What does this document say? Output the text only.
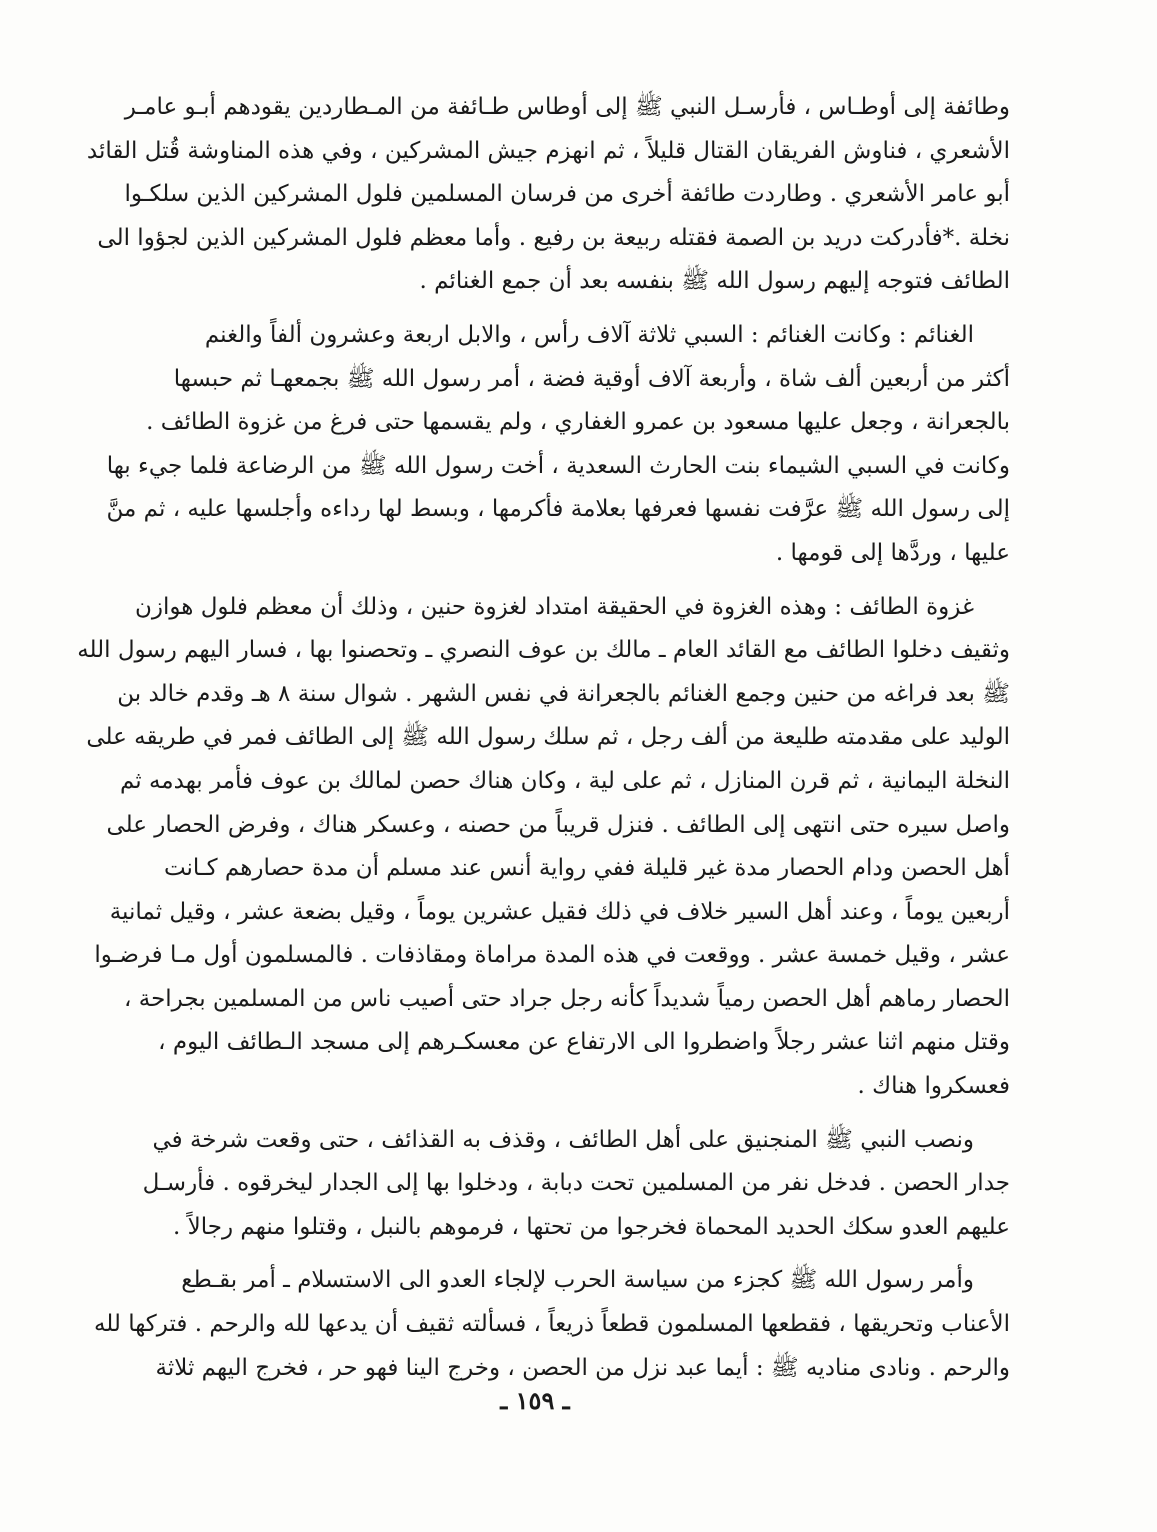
وطائفة إلى أوطـاس ، فأرسـل النبي ﷺ إلى أوطاس طـائفة من المـطاردين يقودهم أبـو عامـر
الأشعري ، فناوش الفريقان القتال قليلاً ، ثم انهزم جيش المشركين ، وفي هذه المناوشة قُتل القائد
أبو عامر الأشعري . وطاردت طائفة أخرى من فرسان المسلمين فلول المشركين الذين سلكـوا
نخلة .*فأدركت دريد بن الصمة فقتله ربيعة بن رفيع . وأما معظم فلول المشركين الذين لجؤوا الى
الطائف فتوجه إليهم رسول الله ﷺ بنفسه بعد أن جمع الغنائم .

الغنائم : وكانت الغنائم : السبي ثلاثة آلاف رأس ، والابل اربعة وعشرون ألفاً والغنم
أكثر من أربعين ألف شاة ، وأربعة آلاف أوقية فضة ، أمر رسول الله ﷺ بجمعهـا ثم حبسها
بالجعرانة ، وجعل عليها مسعود بن عمرو الغفاري ، ولم يقسمها حتى فرغ من غزوة الطائف .
وكانت في السبي الشيماء بنت الحارث السعدية ، أخت رسول الله ﷺ من الرضاعة فلما جيء بها
إلى رسول الله ﷺ عرَّفت نفسها فعرفها بعلامة فأكرمها ، وبسط لها رداءه وأجلسها عليه ، ثم منَّ
عليها ، وردَّها إلى قومها .

غزوة الطائف : وهذه الغزوة في الحقيقة امتداد لغزوة حنين ، وذلك أن معظم فلول هوازن
وثقيف دخلوا الطائف مع القائد العام ـ مالك بن عوف النصري ـ وتحصنوا بها ، فسار اليهم رسول الله
ﷺ بعد فراغه من حنين وجمع الغنائم بالجعرانة في نفس الشهر . شوال سنة ٨ هـ وقدم خالد بن
الوليد على مقدمته طليعة من ألف رجل ، ثم سلك رسول الله ﷺ إلى الطائف فمر في طريقه على
النخلة اليمانية ، ثم قرن المنازل ، ثم على لية ، وكان هناك حصن لمالك بن عوف فأمر بهدمه ثم
واصل سيره حتى انتهى إلى الطائف . فنزل قريباً من حصنه ، وعسكر هناك ، وفرض الحصار على
أهل الحصن ودام الحصار مدة غير قليلة ففي رواية أنس عند مسلم أن مدة حصارهم كـانت
أربعين يوماً ، وعند أهل السير خلاف في ذلك فقيل عشرين يوماً ، وقيل بضعة عشر ، وقيل ثمانية
عشر ، وقيل خمسة عشر . ووقعت في هذه المدة مراماة ومقاذفات . فالمسلمون أول مـا فرضـوا
الحصار رماهم أهل الحصن رمياً شديداً كأنه رجل جراد حتى أصيب ناس من المسلمين بجراحة ،
وقتل منهم اثنا عشر رجلاً واضطروا الى الارتفاع عن معسكـرهم إلى مسجد الـطائف اليوم ،
فعسكروا هناك .

ونصب النبي ﷺ المنجنيق على أهل الطائف ، وقذف به القذائف ، حتى وقعت شرخة في
جدار الحصن . فدخل نفر من المسلمين تحت دبابة ، ودخلوا بها إلى الجدار ليخرقوه . فأرسـل
عليهم العدو سكك الحديد المحماة فخرجوا من تحتها ، فرموهم بالنبل ، وقتلوا منهم رجالاً .

وأمر رسول الله ﷺ كجزء من سياسة الحرب لإلجاء العدو الى الاستسلام ـ أمر بقـطع
الأعناب وتحريقها ، فقطعها المسلمون قطعاً ذريعاً ، فسألته ثقيف أن يدعها لله والرحم . فتركها لله
والرحم . ونادى مناديه ﷺ : أيما عبد نزل من الحصن ، وخرج الينا فهو حر ، فخرج اليهم ثلاثة

ـ ١٥٩ ـ
